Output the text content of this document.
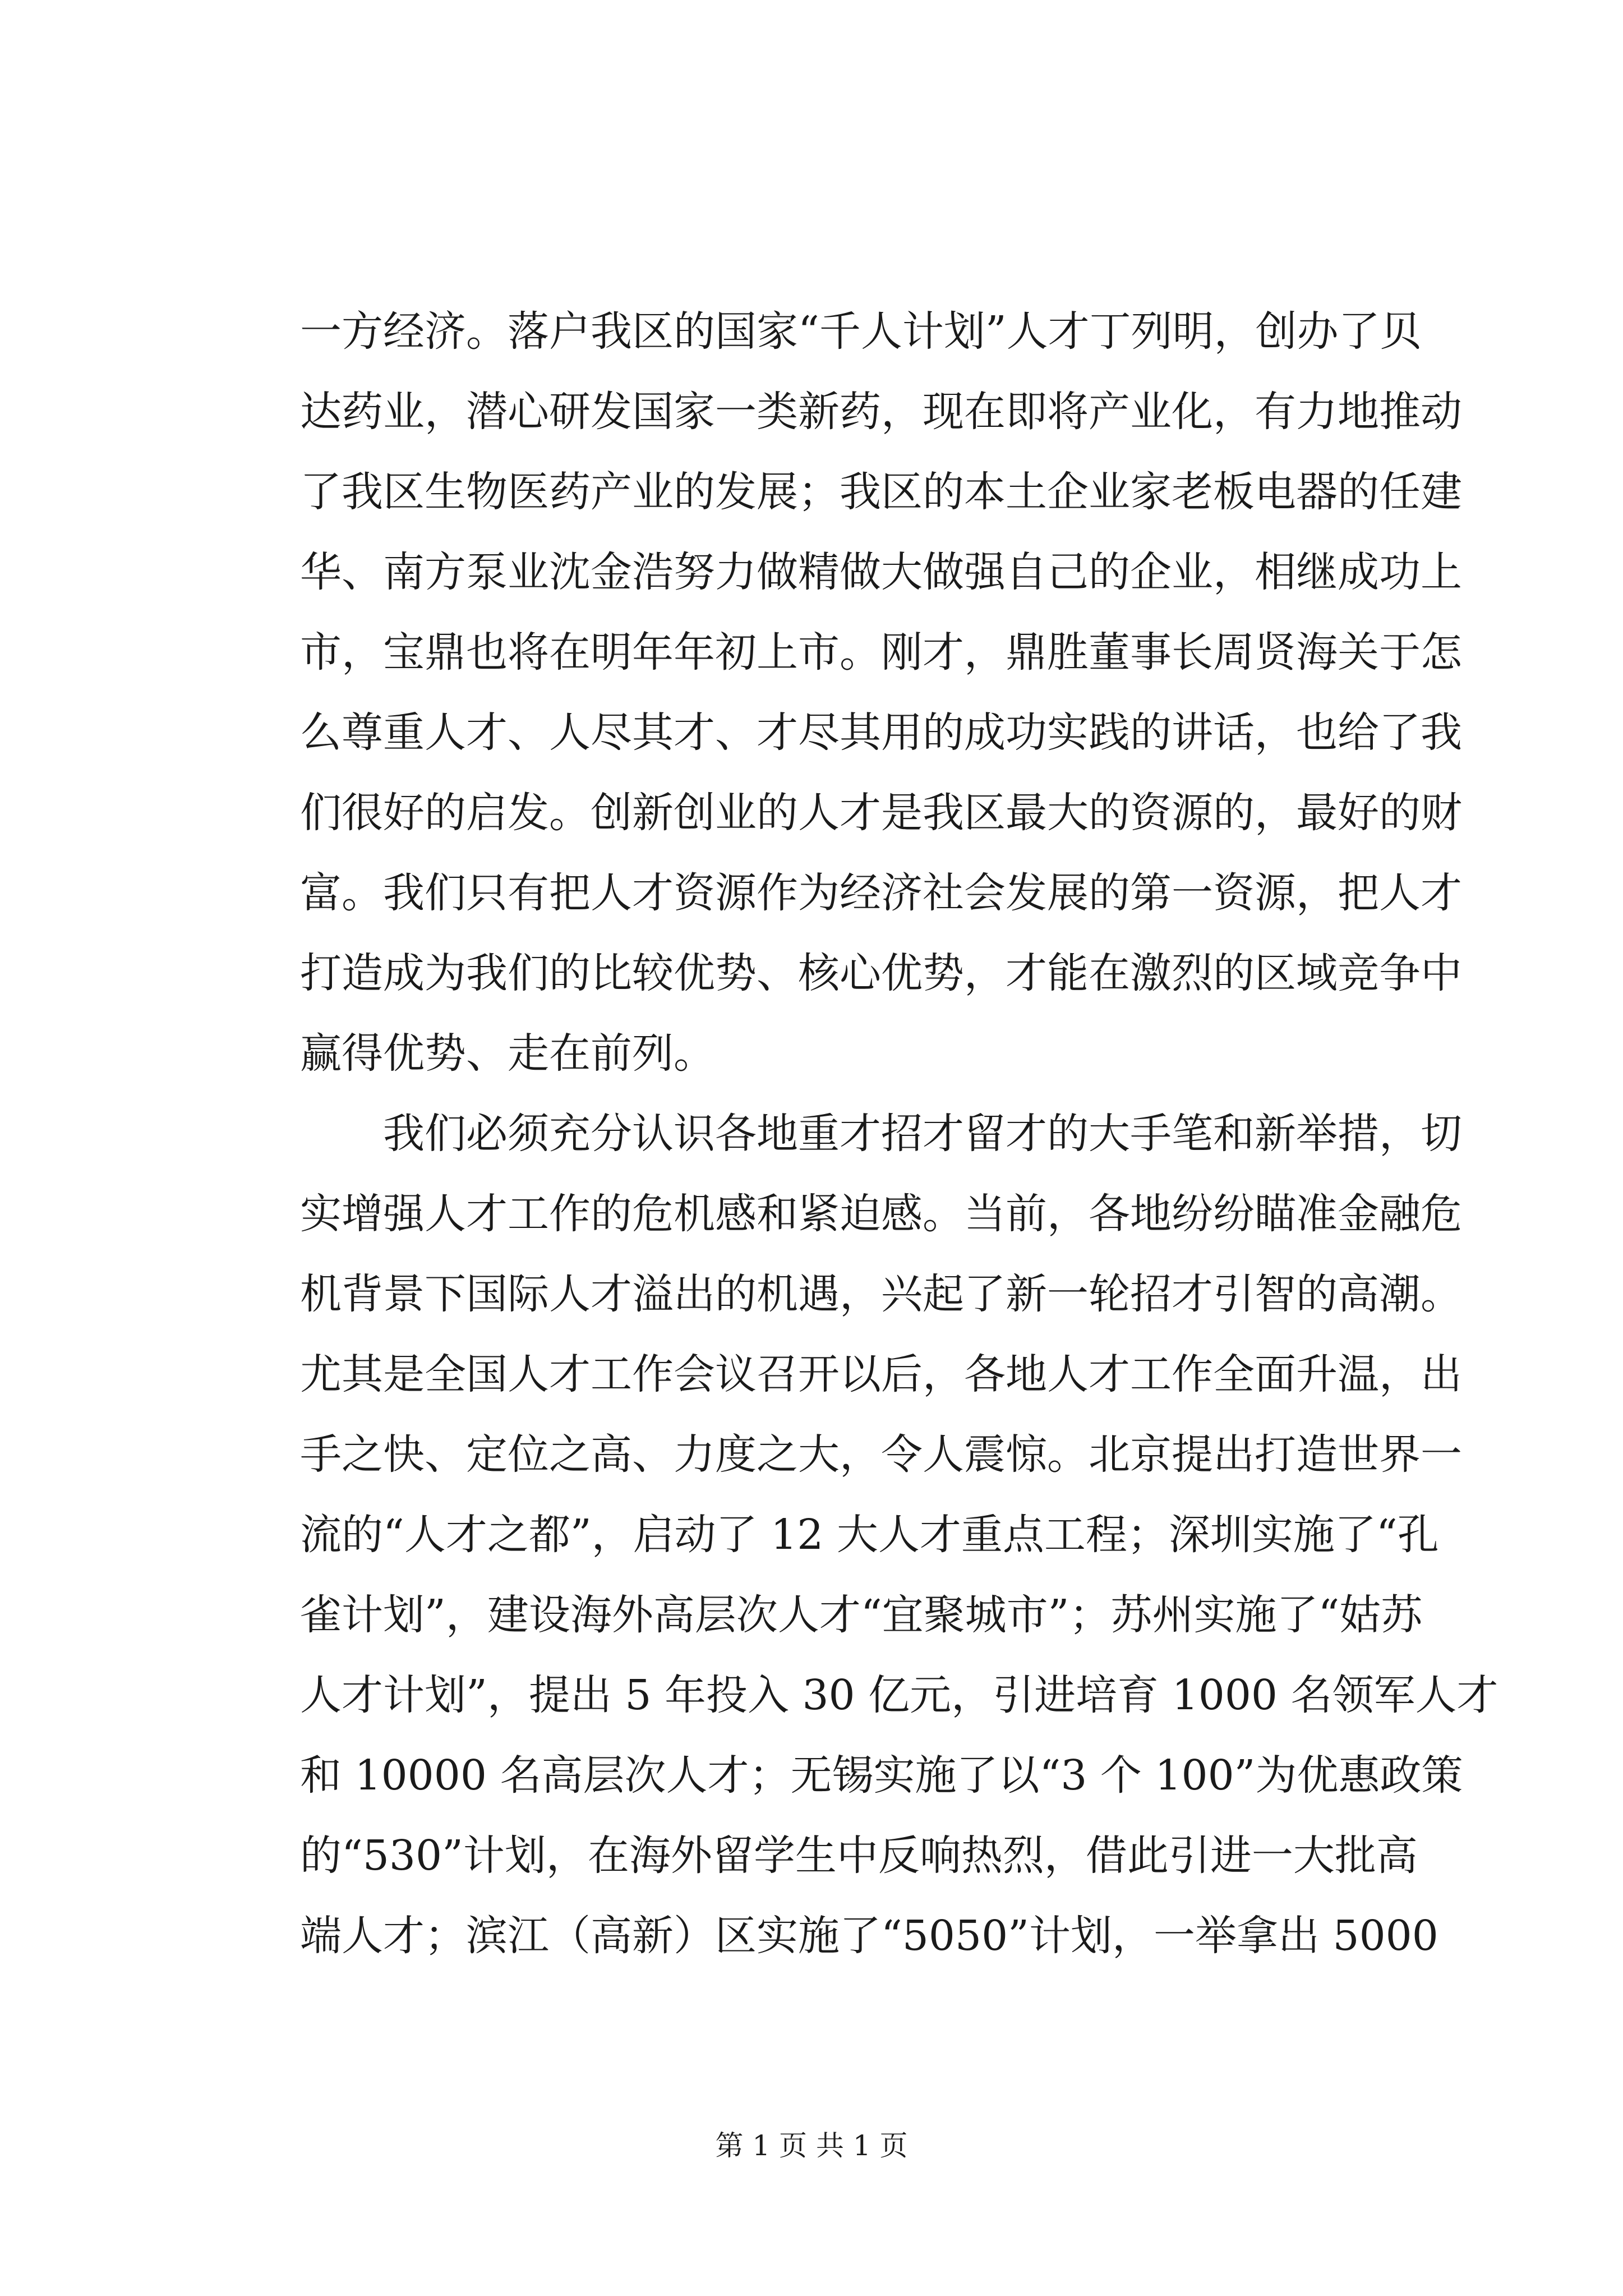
一方经济。落户我区的国家“千人计划”人才丁列明，创办了贝
达药业，潜心研发国家一类新药，现在即将产业化，有力地推动
了我区生物医药产业的发展；我区的本土企业家老板电器的任建
华、南方泵业沈金浩努力做精做大做强自己的企业，相继成功上
市，宝鼎也将在明年年初上市。刚才，鼎胜董事长周贤海关于怎
么尊重人才、人尽其才、才尽其用的成功实践的讲话，也给了我
们很好的启发。创新创业的人才是我区最大的资源的，最好的财
富。我们只有把人才资源作为经济社会发展的第一资源，把人才
打造成为我们的比较优势、核心优势，才能在激烈的区域竞争中
赢得优势、走在前列。
我们必须充分认识各地重才招才留才的大手笔和新举措，切
实增强人才工作的危机感和紧迫感。当前，各地纷纷瞄准金融危
机背景下国际人才溢出的机遇，兴起了新一轮招才引智的高潮。
尤其是全国人才工作会议召开以后，各地人才工作全面升温，出
手之快、定位之高、力度之大，令人震惊。北京提出打造世界一
流的“人才之都”，启动了 12 大人才重点工程；深圳实施了“孔
雀计划”，建设海外高层次人才“宜聚城市”；苏州实施了“姑苏
人才计划”，提出 5 年投入 30 亿元，引进培育 1000 名领军人才
和 10000 名高层次人才；无锡实施了以“3 个 100”为优惠政策
的“530”计划，在海外留学生中反响热烈，借此引进一大批高
端人才；滨江（高新）区实施了“5050”计划，一举拿出 5000
第 1 页 共 1 页
